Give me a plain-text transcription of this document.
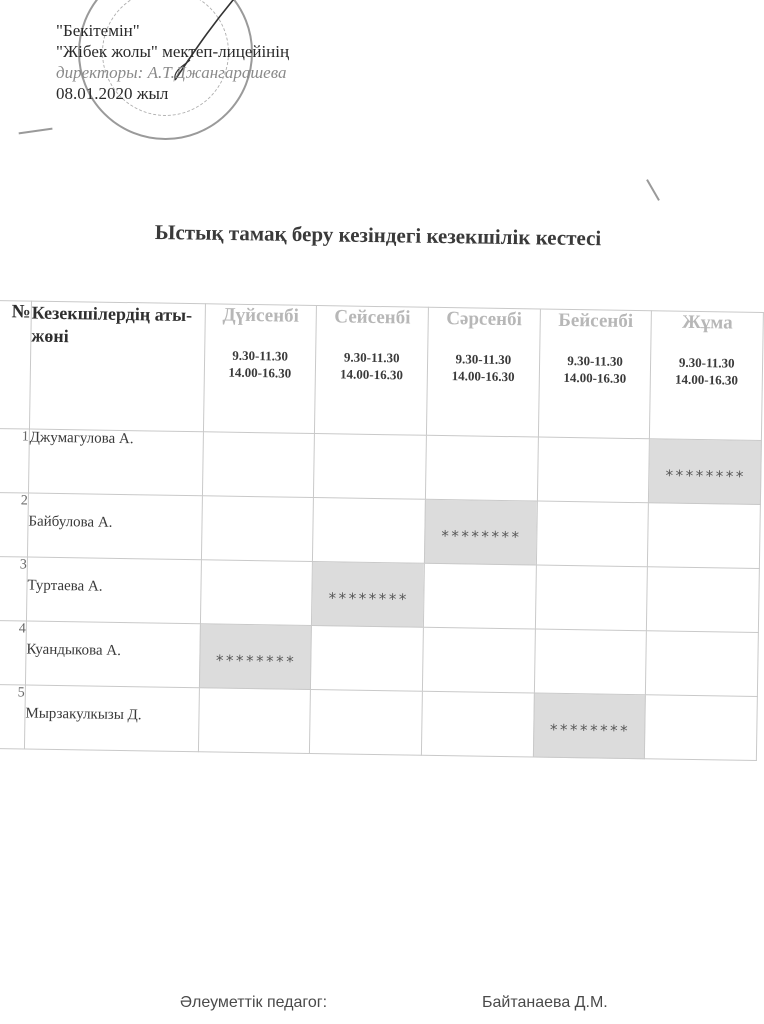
"Бекітемін"
"Жібек жолы" мектеп-лицейінің
директоры: А.Т.Джангарашева
08.01.2020 жыл
Ыстық тамақ беру кезіндегі кезекшілік кестесі
№	Кезекшілердің аты-жөні	Дүйсенбі
9.30-11.30
14.00-16.30	Сейсенбі
9.30-11.30
14.00-16.30	Сәрсенбі
9.30-11.30
14.00-16.30	Бейсенбі
9.30-11.30
14.00-16.30	Жұма
9.30-11.30
14.00-16.30

1	Джумагулова А.					********
2	Байбулова А.			********		
3	Туртаева А.		********			
4	Куандыкова А.	********				
5	Мырзакулкызы Д.				********	
Әлеуметтік педагог:	Байтанаева Д.М.
